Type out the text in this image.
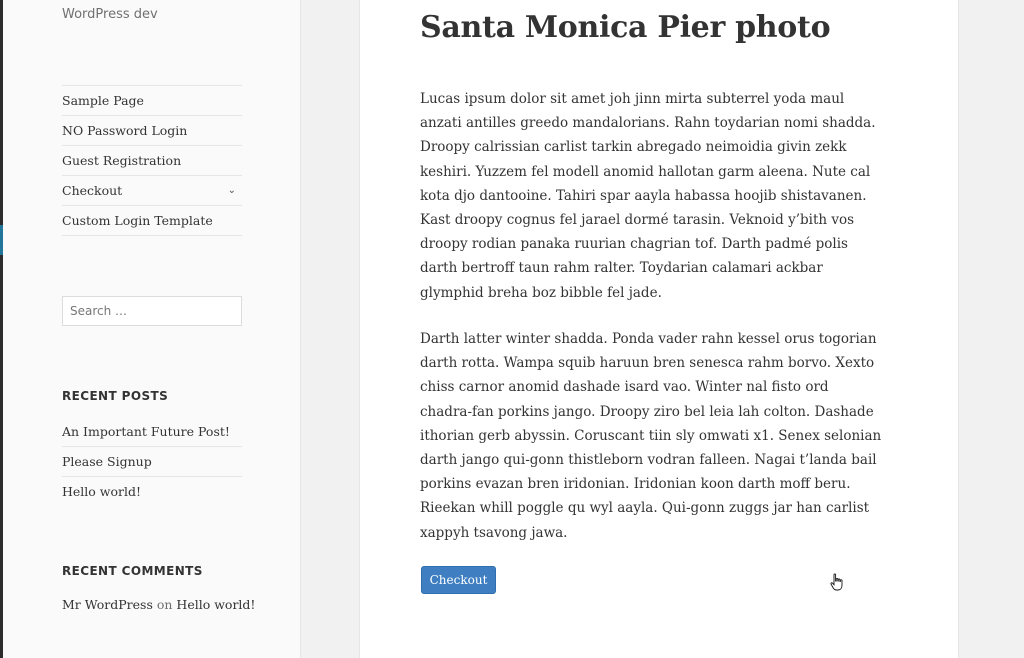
WordPress dev
Sample Page
NO Password Login
Guest Registration
Checkout	⌄
Custom Login Template
Search …
RECENT POSTS
An Important Future Post!
Please Signup
Hello world!
RECENT COMMENTS
Mr WordPress on Hello world!
Santa Monica Pier photo

Lucas ipsum dolor sit amet joh jinn mirta subterrel yoda maul anzati antilles greedo mandalorians. Rahn toydarian nomi shadda. Droopy calrissian carlist tarkin abregado neimoidia givin zekk keshiri. Yuzzem fel modell anomid hallotan garm aleena. Nute cal kota djo dantooine. Tahiri spar aayla habassa hoojib shistavanen. Kast droopy cognus fel jarael dormé tarasin. Veknoid y’bith vos droopy rodian panaka ruurian chagrian tof. Darth padmé polis darth bertroff taun rahm ralter. Toydarian calamari ackbar glymphid breha boz bibble fel jade.

Darth latter winter shadda. Ponda vader rahn kessel orus togorian darth rotta. Wampa squib haruun bren senesca rahm borvo. Xexto chiss carnor anomid dashade isard vao. Winter nal fisto ord chadra-fan porkins jango. Droopy ziro bel leia lah colton. Dashade ithorian gerb abyssin. Coruscant tiin sly omwati x1. Senex selonian darth jango qui-gonn thistleborn vodran falleen. Nagai t’landa bail porkins evazan bren iridonian. Iridonian koon darth moff beru. Rieekan whill poggle qu wyl aayla. Qui-gonn zuggs jar han carlist xappyh tsavong jawa.

Checkout
